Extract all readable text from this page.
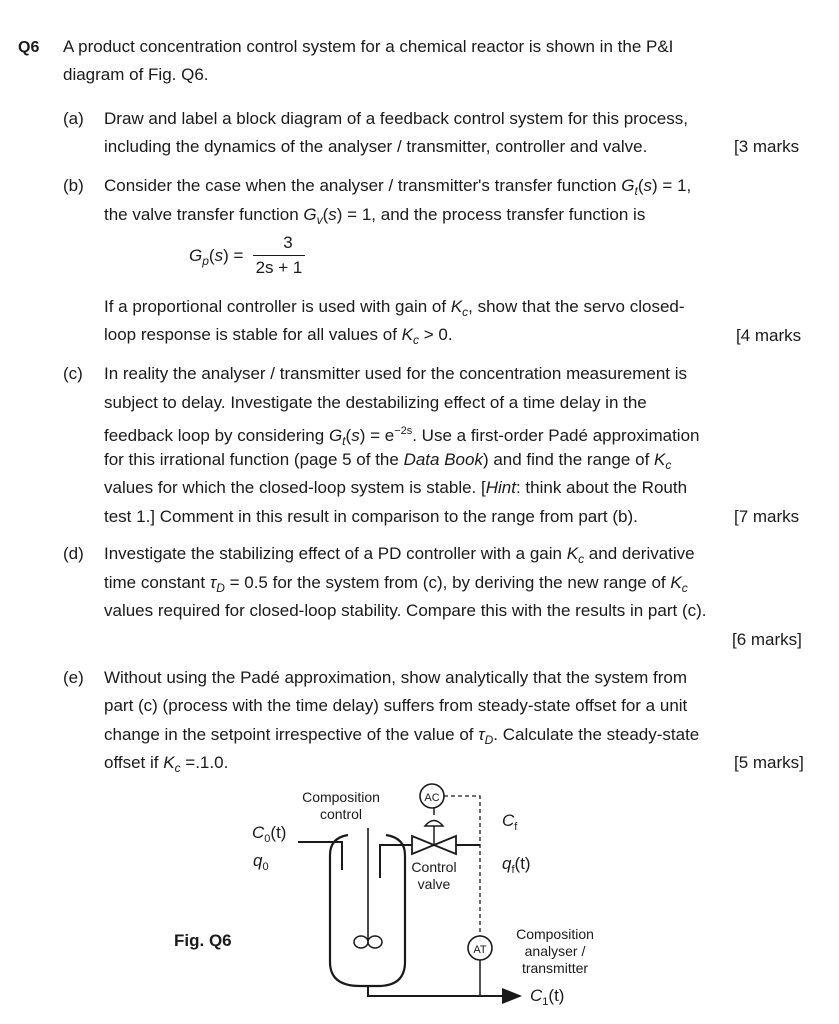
Q6 A product concentration control system for a chemical reactor is shown in the P&I
diagram of Fig. Q6.
(a) Draw and label a block diagram of a feedback control system for this process,
including the dynamics of the analyser / transmitter, controller and valve.	[3 marks
(b) Consider the case when the analyser / transmitter's transfer function $G_t(s) = 1$,
the valve transfer function $G_v(s) = 1$, and the process transfer function is
$G_p(s)$ =
3
2s + 1
If a proportional controller is used with gain of $K_c$, show that the servo closed-
loop response is stable for all values of $K_c > 0$.	[4 marks
(c) In reality the analyser / transmitter used for the concentration measurement is
subject to delay. Investigate the destabilizing effect of a time delay in the
feedback loop by considering $G_t(s) = e^{-2s}$. Use a first-order Padé approximation
for this irrational function (page 5 of the Data Book) and find the range of $K_c$
values for which the closed-loop system is stable. [Hint: think about the Routh
test 1.] Comment in this result in comparison to the range from part (b).	[7 marks
(d) Investigate the stabilizing effect of a PD controller with a gain $K_c$ and derivative
time constant $\tau_D = 0.5$ for the system from (c), by deriving the new range of $K_c$
values required for closed-loop stability. Compare this with the results in part (c).
[6 marks]
(e) Without using the Padé approximation, show analytically that the system from
part (c) (process with the time delay) suffers from steady-state offset for a unit
change in the setpoint irrespective of the value of $\tau_D$. Calculate the steady-state
offset if $K_c =.1.0$.	[5 marks]
Fig. Q6
AC
AT
Composition
control
Control
valve
Composition
analyser /
transmitter
$C_0(t)$
$q_0$
$C_f$
$q_f(t)$
$C_1(t)$
